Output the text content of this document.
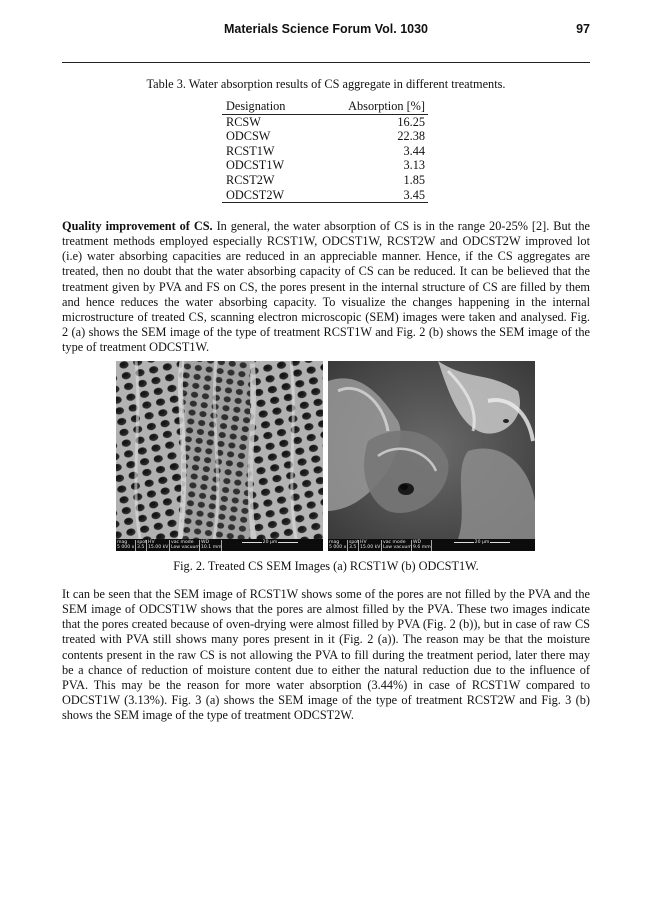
Materials Science Forum Vol. 1030	97
Table 3. Water absorption results of CS aggregate in different treatments.
Designation	Absorption [%]
RCSW	16.25
ODCSW	22.38
RCST1W	3.44
ODCST1W	3.13
RCST2W	1.85
ODCST2W	3.45

Quality improvement of CS. In general, the water absorption of CS is in the range 20-25% [2]. But the treatment methods employed especially RCST1W, ODCST1W, RCST2W and ODCST2W improved lot (i.e) water absorbing capacities are reduced in an appreciable manner. Hence, if the CS aggregates are treated, then no doubt that the water absorbing capacity of CS can be reduced. It can be believed that the treatment given by PVA and FS on CS, the pores present in the internal structure of CS are filled by them and hence reduces the water absorbing capacity. To visualize the changes happening in the internal microstructure of treated CS, scanning electron microscopic (SEM) images were taken and analysed. Fig. 2 (a) shows the SEM image of the type of treatment RCST1W and Fig. 2 (b) shows the SEM image of the type of treatment ODCST1W.

mag
5 000 x
spot
3.5
HV
15.00 kV
vac mode
Low vacuum
WD
10.1 mm
20 µm	mag
5 000 x
spot
3.5
HV
15.00 kV
vac mode
Low vacuum
WD
9.6 mm
20 µm
Fig. 2. Treated CS SEM Images (a) RCST1W (b) ODCST1W.

It can be seen that the SEM image of RCST1W shows some of the pores are not filled by the PVA and the SEM image of ODCST1W shows that the pores are almost filled by the PVA. These two images indicate that the pores created because of oven-drying were almost filled by PVA (Fig. 2 (b)), but in case of raw CS treated with PVA still shows many pores present in it (Fig. 2 (a)). The reason may be that the moisture contents present in the raw CS is not allowing the PVA to fill during the treatment period, later there may be a chance of reduction of moisture content due to either the natural reduction due to the influence of PVA. This may be the reason for more water absorption (3.44%) in case of RCST1W compared to ODCST1W (3.13%). Fig. 3 (a) shows the SEM image of the type of treatment RCST2W and Fig. 3 (b) shows the SEM image of the type of treatment ODCST2W.
